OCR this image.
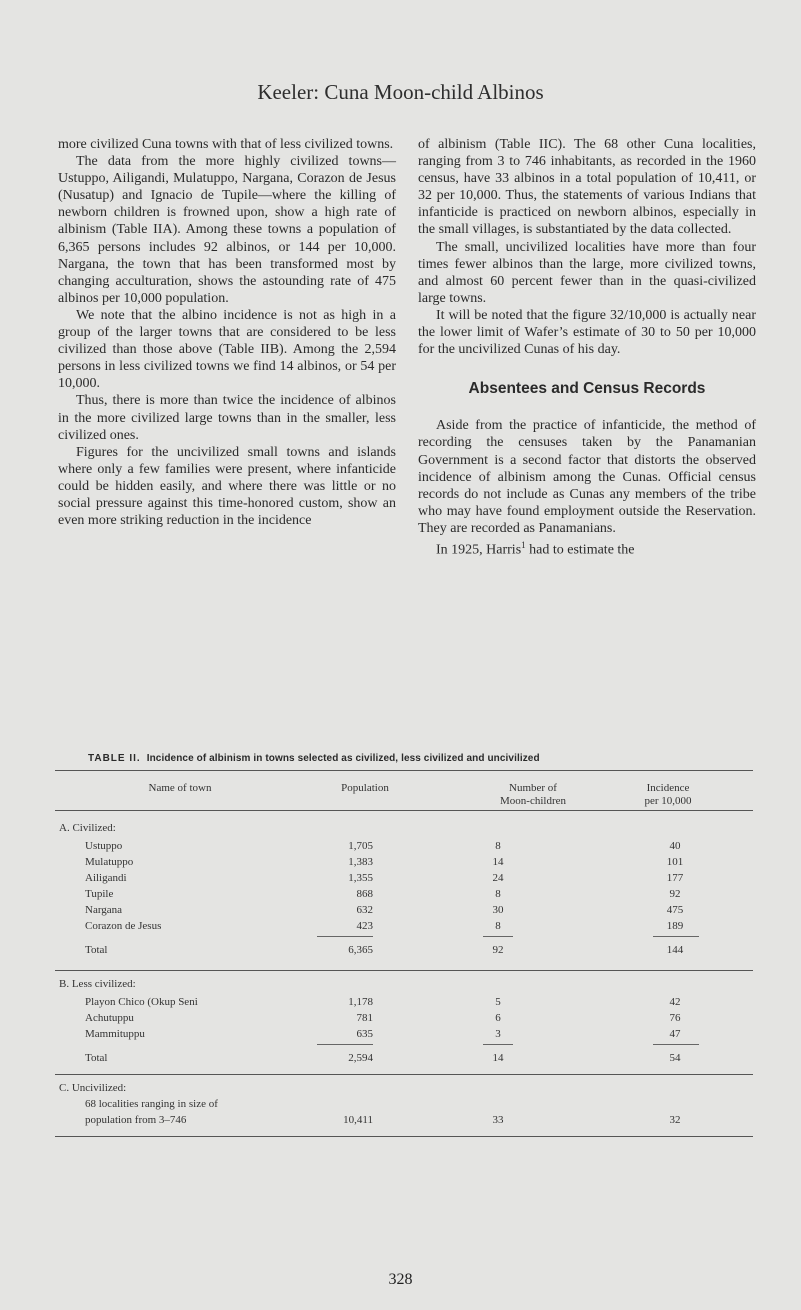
Keeler: Cuna Moon-child Albinos

more civilized Cuna towns with that of less civilized towns.

The data from the more highly civilized towns—Ustuppo, Ailigandi, Mulatuppo, Nargana, Corazon de Jesus (Nusatup) and Ignacio de Tupile—where the killing of newborn children is frowned upon, show a high rate of albinism (Table IIA). Among these towns a population of 6,365 persons includes 92 albinos, or 144 per 10,000. Nargana, the town that has been transformed most by changing acculturation, shows the astounding rate of 475 albinos per 10,000 population.

We note that the albino incidence is not as high in a group of the larger towns that are considered to be less civilized than those above (Table IIB). Among the 2,594 persons in less civilized towns we find 14 albinos, or 54 per 10,000.

Thus, there is more than twice the incidence of albinos in the more civilized large towns than in the smaller, less civilized ones.

Figures for the uncivilized small towns and islands where only a few families were present, where infanticide could be hidden easily, and where there was little or no social pressure against this time-honored custom, show an even more striking reduction in the incidence

of albinism (Table IIC). The 68 other Cuna localities, ranging from 3 to 746 inhabitants, as recorded in the 1960 census, have 33 albinos in a total population of 10,411, or 32 per 10,000. Thus, the statements of various Indians that infanticide is practiced on newborn albinos, especially in the small villages, is substantiated by the data collected.

The small, uncivilized localities have more than four times fewer albinos than the large, more civilized towns, and almost 60 percent fewer than in the quasi-civilized large towns.

It will be noted that the figure 32/10,000 is actually near the lower limit of Wafer’s estimate of 30 to 50 per 10,000 for the uncivilized Cunas of his day.

Absentees and Census Records

Aside from the practice of infanticide, the method of recording the censuses taken by the Panamanian Government is a second factor that distorts the observed incidence of albinism among the Cunas. Official census records do not include as Cunas any members of the tribe who may have found employment outside the Reservation. They are recorded as Panamanians.

In 1925, Harris$^1$ had to estimate the

TABLE II. Incidence of albinism in towns selected as civilized, less civilized and uncivilized
Name of town	Population	Number of
Moon-children
Incidence
per 10,000
A. Civilized:
Ustuppo	1,705	8	40
Mulatuppo	1,383	14	101
Ailigandi	1,355	24	177
Tupile	868	8	92
Nargana	632	30	475
Corazon de Jesus	423	8	189
Total	6,365	92	144
B. Less civilized:
Playon Chico (Okup Seni	1,178	5	42
Achutuppu	781	6	76
Mammituppu	635	3	47
Total	2,594	14	54
C. Uncivilized:
68 localities ranging in size of
population from 3–746	10,411	33	32
328
